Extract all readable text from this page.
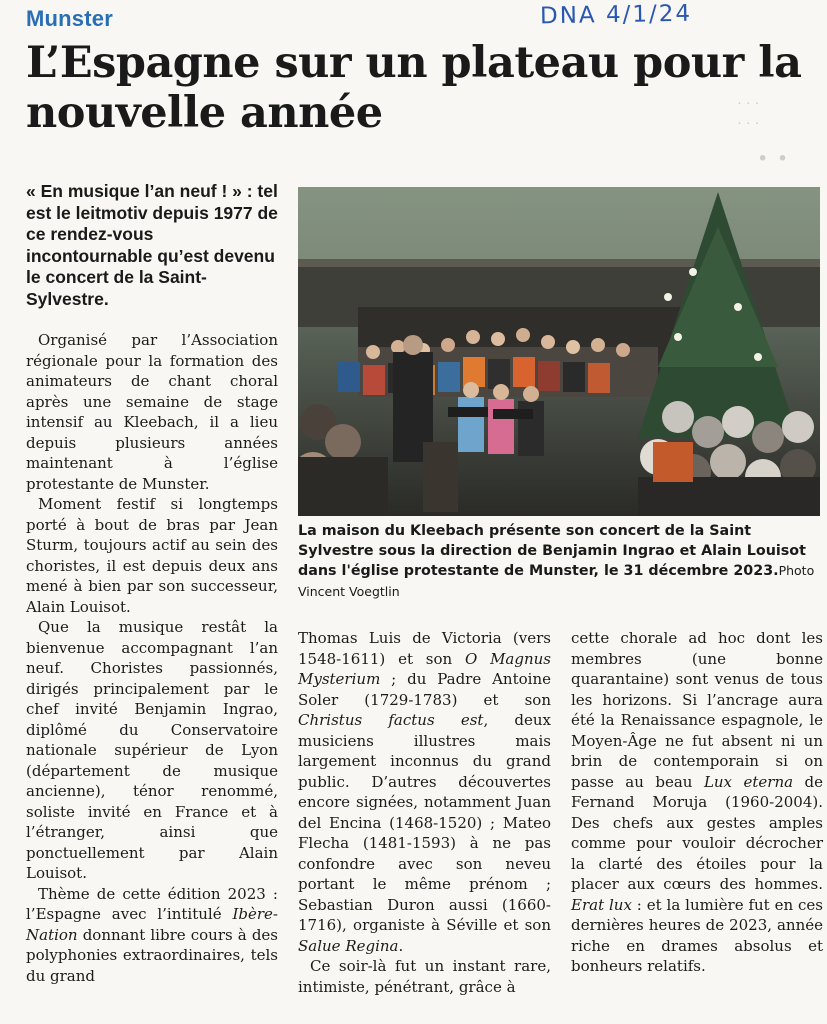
· · ·
· · ·
· ·
Munster	DNA 4/1/24
L’Espagne sur un plateau pour la nouvelle année
« En musique l’an neuf ! » : tel est le leitmotiv depuis 1977 de ce rendez-vous incontournable qu’est devenu le concert de la Saint-Sylvestre.

Organisé par l’Association régionale pour la formation des animateurs de chant choral après une semaine de stage intensif au Kleebach, il a lieu depuis plusieurs années maintenant à l’église protestante de Munster.

Moment festif si longtemps porté à bout de bras par Jean Sturm, toujours actif au sein des choristes, il est depuis deux ans mené à bien par son successeur, Alain Louisot.

Que la musique restât la bienvenue accompagnant l’an neuf. Choristes passionnés, dirigés principalement par le chef invité Benjamin Ingrao, diplômé du Conservatoire nationale supérieur de Lyon (département de musique ancienne), ténor renommé, soliste invité en France et à l’étranger, ainsi que ponctuellement par Alain Louisot.

Thème de cette édition 2023 : l’Espagne avec l’intitulé Ibère-Nation donnant libre cours à des polyphonies extraordinaires, tels du grand

La maison du Kleebach présente son concert de la Saint Sylvestre sous la direction de Benjamin Ingrao et Alain Louisot dans l'église protestante de Munster, le 31 décembre 2023.Photo Vincent Voegtlin

Thomas Luis de Victoria (vers 1548-1611) et son O Magnus Mysterium ; du Padre Antoine Soler (1729-1783) et son Christus factus est, deux musiciens illustres mais largement inconnus du grand public. D’autres découvertes encore signées, notamment Juan del Encina (1468-1520) ; Mateo Flecha (1481-1593) à ne pas confondre avec son neveu portant le même prénom ; Sebastian Duron aussi (1660-1716), organiste à Séville et son Salue Regina.

Ce soir-là fut un instant rare, intimiste, pénétrant, grâce à

cette chorale ad hoc dont les membres (une bonne quarantaine) sont venus de tous les horizons. Si l’ancrage aura été la Renaissance espagnole, le Moyen-Âge ne fut absent ni un brin de contemporain si on passe au beau Lux eterna de Fernand Moruja (1960-2004). Des chefs aux gestes amples comme pour vouloir décrocher la clarté des étoiles pour la placer aux cœurs des hommes. Erat lux : et la lumière fut en ces dernières heures de 2023, année riche en drames absolus et bonheurs relatifs.
